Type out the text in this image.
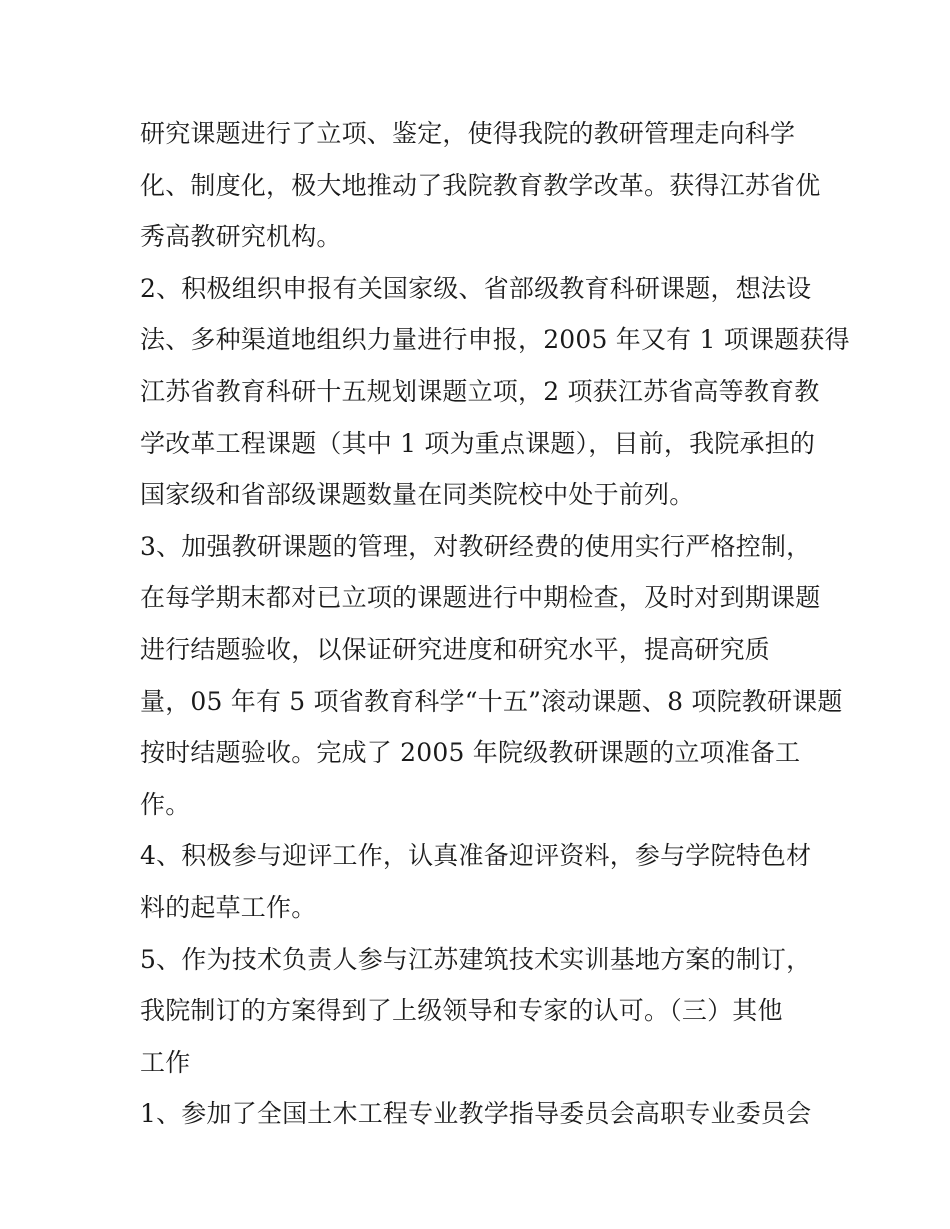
研究课题进行了立项、鉴定，使得我院的教研管理走向科学
化、制度化，极大地推动了我院教育教学改革。获得江苏省优
秀高教研究机构。
2、积极组织申报有关国家级、省部级教育科研课题，想法设
法、多种渠道地组织力量进行申报，2005 年又有 1 项课题获得
江苏省教育科研十五规划课题立项，2 项获江苏省高等教育教
学改革工程课题（其中 1 项为重点课题），目前，我院承担的
国家级和省部级课题数量在同类院校中处于前列。
3、加强教研课题的管理，对教研经费的使用实行严格控制，
在每学期末都对已立项的课题进行中期检查，及时对到期课题
进行结题验收，以保证研究进度和研究水平，提高研究质
量，05 年有 5 项省教育科学“十五”滚动课题、8 项院教研课题
按时结题验收。完成了 2005 年院级教研课题的立项准备工
作。
4、积极参与迎评工作，认真准备迎评资料，参与学院特色材
料的起草工作。
5、作为技术负责人参与江苏建筑技术实训基地方案的制订，
我院制订的方案得到了上级领导和专家的认可。（三）其他
工作
1、参加了全国土木工程专业教学指导委员会高职专业委员会
